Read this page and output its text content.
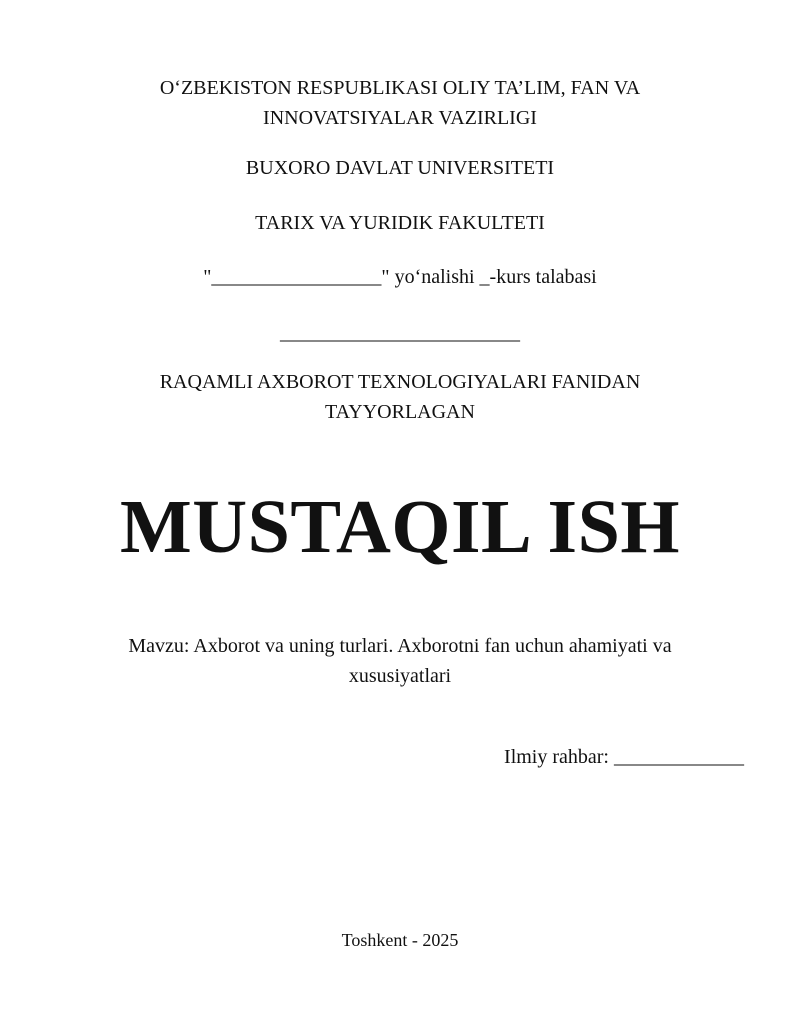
O‘ZBEKISTON RESPUBLIKASI OLIY TA’LIM, FAN VA
INNOVATSIYALAR VAZIRLIGI
BUXORO DAVLAT UNIVERSITETI
TARIX VA YURIDIK FAKULTETI
"_________________" yo‘nalishi _-kurs talabasi
________________________
RAQAMLI AXBOROT TEXNOLOGIYALARI FANIDAN
TAYYORLAGAN
MUSTAQIL ISH
Mavzu: Axborot va uning turlari. Axborotni fan uchun ahamiyati va
xususiyatlari
Ilmiy rahbar: _____________
Toshkent - 2025
